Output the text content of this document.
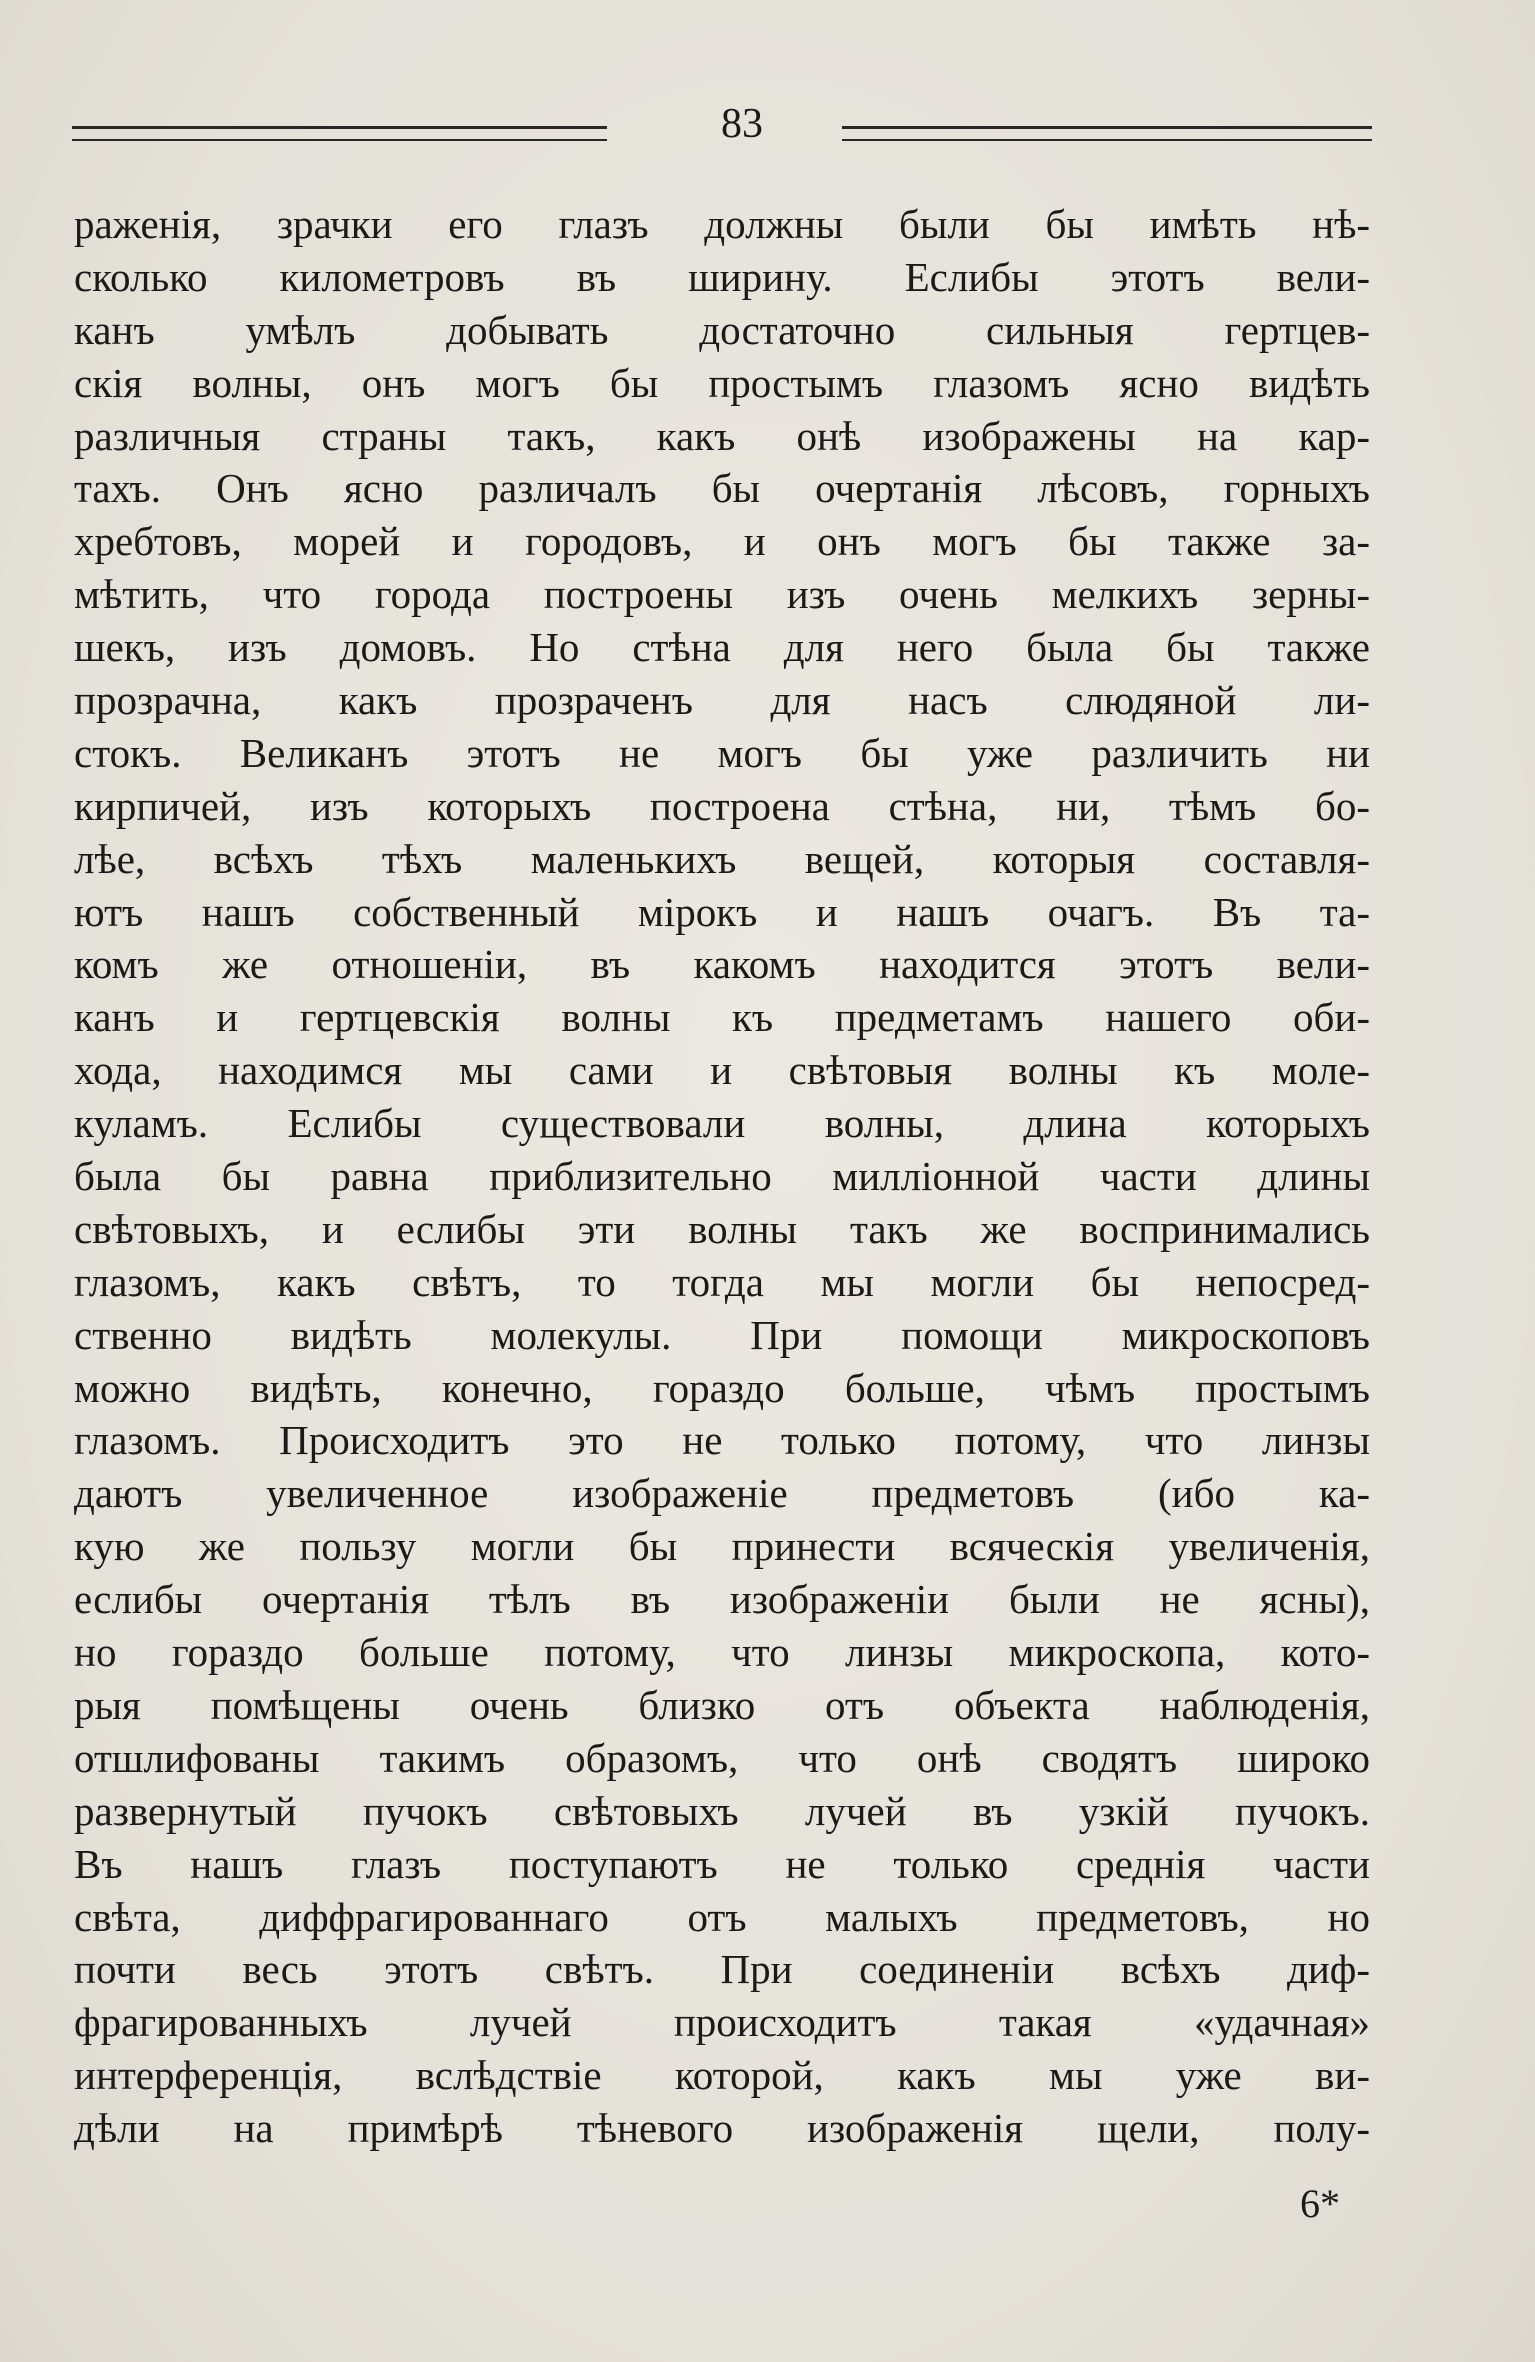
83
раженія, зрачки его глазъ должны были бы имѣть нѣ-
сколько километровъ въ ширину. Еслибы этотъ вели-
канъ умѣлъ добывать достаточно сильныя гертцев-
скія волны, онъ могъ бы простымъ глазомъ ясно видѣть
различныя страны такъ, какъ онѣ изображены на кар-
тахъ. Онъ ясно различалъ бы очертанія лѣсовъ, горныхъ
хребтовъ, морей и городовъ, и онъ могъ бы также за-
мѣтить, что города построены изъ очень мелкихъ зерны-
шекъ, изъ домовъ. Но стѣна для него была бы также
прозрачна, какъ прозраченъ для насъ слюдяной ли-
стокъ. Великанъ этотъ не могъ бы уже различить ни
кирпичей, изъ которыхъ построена стѣна, ни, тѣмъ бо-
лѣе, всѣхъ тѣхъ маленькихъ вещей, которыя составля-
ютъ нашъ собственный мірокъ и нашъ очагъ. Въ та-
комъ же отношеніи, въ какомъ находится этотъ вели-
канъ и гертцевскія волны къ предметамъ нашего оби-
хода, находимся мы сами и свѣтовыя волны къ моле-
куламъ. Еслибы существовали волны, длина которыхъ
была бы равна приблизительно милліонной части длины
свѣтовыхъ, и еслибы эти волны такъ же воспринимались
глазомъ, какъ свѣтъ, то тогда мы могли бы непосред-
ственно видѣть молекулы. При помощи микроскоповъ
можно видѣть, конечно, гораздо больше, чѣмъ простымъ
глазомъ. Происходитъ это не только потому, что линзы
даютъ увеличенное изображеніе предметовъ (ибо ка-
кую же пользу могли бы принести всяческія увеличенія,
еслибы очертанія тѣлъ въ изображеніи были не ясны),
но гораздо больше потому, что линзы микроскопа, кото-
рыя помѣщены очень близко отъ объекта наблюденія,
отшлифованы такимъ образомъ, что онѣ сводятъ широко
развернутый пучокъ свѣтовыхъ лучей въ узкій пучокъ.
Въ нашъ глазъ поступаютъ не только среднія части
свѣта, диффрагированнаго отъ малыхъ предметовъ, но
почти весь этотъ свѣтъ. При соединеніи всѣхъ диф-
фрагированныхъ лучей происходитъ такая «удачная»
интерференція, вслѣдствіе которой, какъ мы уже ви-
дѣли на примѣрѣ тѣневого изображенія щели, полу-
6*
